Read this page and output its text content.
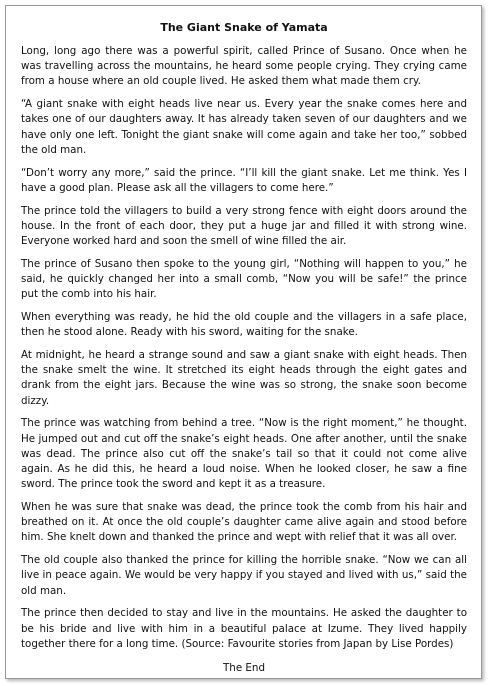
The Giant Snake of Yamata

Long, long ago there was a powerful spirit, called Prince of Susano. Once when he was travelling across the mountains, he heard some people crying. They crying came from a house where an old couple lived. He asked them what made them cry.

“A giant snake with eight heads live near us. Every year the snake comes here and takes one of our daughters away. It has already taken seven of our daughters and we have only one left. Tonight the giant snake will come again and take her too,” sobbed the old man.

“Don’t worry any more,” said the prince. “I’ll kill the giant snake. Let me think. Yes I have a good plan. Please ask all the villagers to come here.”

The prince told the villagers to build a very strong fence with eight doors around the house. In the front of each door, they put a huge jar and filled it with strong wine. Everyone worked hard and soon the smell of wine filled the air.

The prince of Susano then spoke to the young girl, “Nothing will happen to you,” he said, he quickly changed her into a small comb, “Now you will be safe!” the prince put the comb into his hair.

When everything was ready, he hid the old couple and the villagers in a safe place, then he stood alone. Ready with his sword, waiting for the snake.

At midnight, he heard a strange sound and saw a giant snake with eight heads. Then the snake smelt the wine. It stretched its eight heads through the eight gates and drank from the eight jars. Because the wine was so strong, the snake soon become dizzy.

The prince was watching from behind a tree. “Now is the right moment,” he thought. He jumped out and cut off the snake’s eight heads. One after another, until the snake was dead. The prince also cut off the snake’s tail so that it could not come alive again. As he did this, he heard a loud noise. When he looked closer, he saw a fine sword. The prince took the sword and kept it as a treasure.

When he was sure that snake was dead, the prince took the comb from his hair and breathed on it. At once the old couple’s daughter came alive again and stood before him. She knelt down and thanked the prince and wept with relief that it was all over.

The old couple also thanked the prince for killing the horrible snake. “Now we can all live in peace again. We would be very happy if you stayed and lived with us,” said the old man.

The prince then decided to stay and live in the mountains. He asked the daughter to be his bride and live with him in a beautiful palace at Izume. They lived happily together there for a long time. (Source: Favourite stories from Japan by Lise Pordes)

The End
